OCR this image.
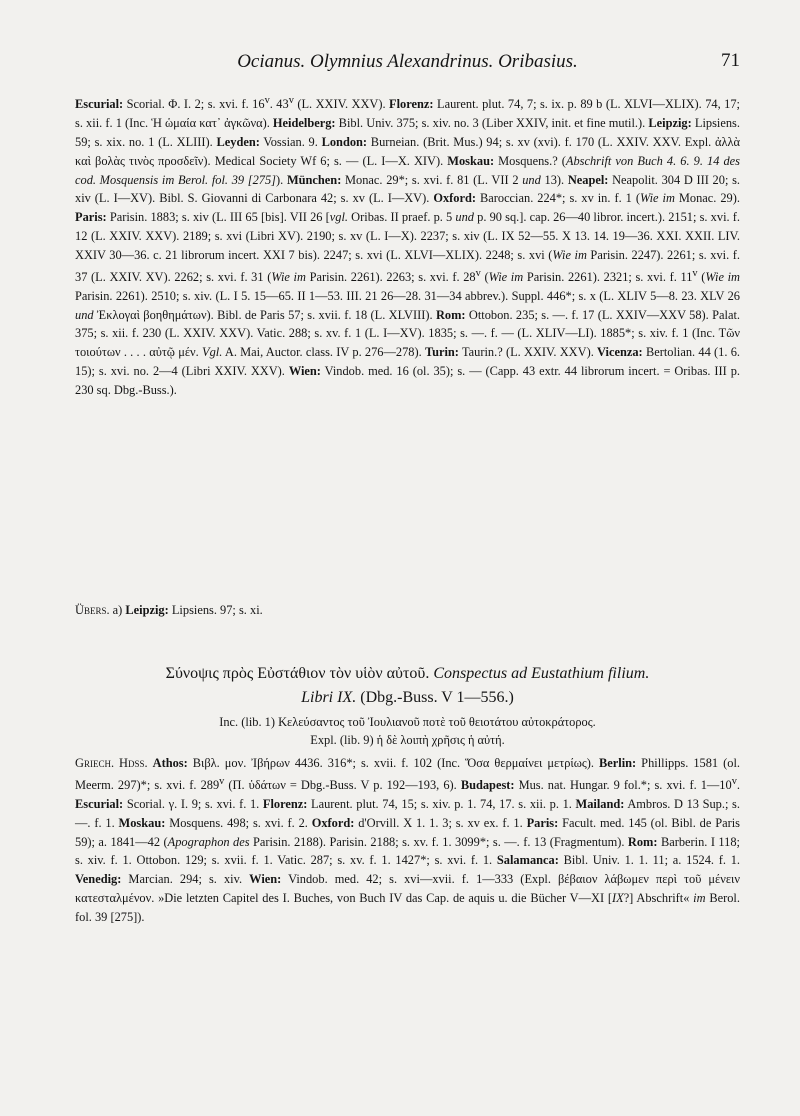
Ocianus. Olymnius Alexandrinus. Oribasius.	71
Escurial: Scorial. Φ. I. 2; s. xvi. f. 16$^v$. 43$^v$ (L. XXIV. XXV). Florenz: Laurent. plut. 74, 7; s. ix. p. 89 b (L. XLVI—XLIX). 74, 17; s. xii. f. 1 (Inc. Ἡ ὡμαία κατ᾽ ἀγκῶνα). Heidelberg: Bibl. Univ. 375; s. xiv. no. 3 (Liber XXIV, init. et fine mutil.). Leipzig: Lipsiens. 59; s. xix. no. 1 (L. XLIII). Leyden: Vossian. 9. London: Burneian. (Brit. Mus.) 94; s. xv (xvi). f. 170 (L. XXIV. XXV. Expl. ἀλλὰ καὶ βολὰς τινὸς προσδεῖν). Medical Society Wf 6; s. — (L. I—X. XIV). Moskau: Mosquens.? (Abschrift von Buch 4. 6. 9. 14 des cod. Mosquensis im Berol. fol. 39 [275]). München: Monac. 29*; s. xvi. f. 81 (L. VII 2 und 13). Neapel: Neapolit. 304 D III 20; s. xiv (L. I—XV). Bibl. S. Giovanni di Carbonara 42; s. xv (L. I—XV). Oxford: Baroccian. 224*; s. xv in. f. 1 (Wie im Monac. 29). Paris: Parisin. 1883; s. xiv (L. III 65 [bis]. VII 26 [vgl. Oribas. II praef. p. 5 und p. 90 sq.]. cap. 26—40 libror. incert.). 2151; s. xvi. f. 12 (L. XXIV. XXV). 2189; s. xvi (Libri XV). 2190; s. xv (L. I—X). 2237; s. xiv (L. IX 52—55. X 13. 14. 19—36. XXI. XXII. LIV. XXIV 30—36. c. 21 librorum incert. XXI 7 bis). 2247; s. xvi (L. XLVI—XLIX). 2248; s. xvi (Wie im Parisin. 2247). 2261; s. xvi. f. 37 (L. XXIV. XV). 2262; s. xvi. f. 31 (Wie im Parisin. 2261). 2263; s. xvi. f. 28$^v$ (Wie im Parisin. 2261). 2321; s. xvi. f. 11$^v$ (Wie im Parisin. 2261). 2510; s. xiv. (L. I 5. 15—65. II 1—53. III. 21 26—28. 31—34 abbrev.). Suppl. 446*; s. x (L. XLIV 5—8. 23. XLV 26 und Ἐκλογαὶ βοηθημάτων). Bibl. de Paris 57; s. xvii. f. 18 (L. XLVIII). Rom: Ottobon. 235; s. —. f. 17 (L. XXIV—XXV 58). Palat. 375; s. xii. f. 230 (L. XXIV. XXV). Vatic. 288; s. xv. f. 1 (L. I—XV). 1835; s. —. f. — (L. XLIV—LI). 1885*; s. xiv. f. 1 (Inc. Τῶν τοιούτων . . . . αὐτῷ μέν. Vgl. A. Mai, Auctor. class. IV p. 276—278). Turin: Taurin.? (L. XXIV. XXV). Vicenza: Bertolian. 44 (1. 6. 15); s. xvi. no. 2—4 (Libri XXIV. XXV). Wien: Vindob. med. 16 (ol. 35); s. — (Capp. 43 extr. 44 librorum incert. = Oribas. III p. 230 sq. Dbg.-Buss.).
Übers. a) Leipzig: Lipsiens. 97; s. xi.
Σύνοψις πρὸς Εὐστάθιον τὸν υἱὸν αὐτοῦ. Conspectus ad Eustathium filium.
Libri IX. (Dbg.-Buss. V 1—556.)
Inc. (lib. 1) Κελεύσαντος τοῦ Ἰουλιανοῦ ποτὲ τοῦ θειοτάτου αὐτοκράτορος.
Expl. (lib. 9) ἡ δὲ λοιπὴ χρῆσις ἡ αὐτή.
Griech. Hdss. Athos: Βιβλ. μον. Ἰβήρων 4436. 316*; s. xvii. f. 102 (Inc. Ὅσα θερμαίνει μετρίως). Berlin: Phillipps. 1581 (ol. Meerm. 297)*; s. xvi. f. 289$^v$ (Π. ὑδάτων = Dbg.-Buss. V p. 192—193, 6). Budapest: Mus. nat. Hungar. 9 fol.*; s. xvi. f. 1—10$^v$. Escurial: Scorial. γ. I. 9; s. xvi. f. 1. Florenz: Laurent. plut. 74, 15; s. xiv. p. 1. 74, 17. s. xii. p. 1. Mailand: Ambros. D 13 Sup.; s. —. f. 1. Moskau: Mosquens. 498; s. xvi. f. 2. Oxford: d'Orvill. X 1. 1. 3; s. xv ex. f. 1. Paris: Facult. med. 145 (ol. Bibl. de Paris 59); a. 1841—42 (Apographon des Parisin. 2188). Parisin. 2188; s. xv. f. 1. 3099*; s. —. f. 13 (Fragmentum). Rom: Barberin. I 118; s. xiv. f. 1. Ottobon. 129; s. xvii. f. 1. Vatic. 287; s. xv. f. 1. 1427*; s. xvi. f. 1. Salamanca: Bibl. Univ. 1. 1. 11; a. 1524. f. 1. Venedig: Marcian. 294; s. xiv. Wien: Vindob. med. 42; s. xvi—xvii. f. 1—333 (Expl. βέβαιον λάβωμεν περὶ τοῦ μένειν κατεσταλμένον. »Die letzten Capitel des I. Buches, von Buch IV das Cap. de aquis u. die Bücher V—XI [IX?] Abschrift« im Berol. fol. 39 [275]).
